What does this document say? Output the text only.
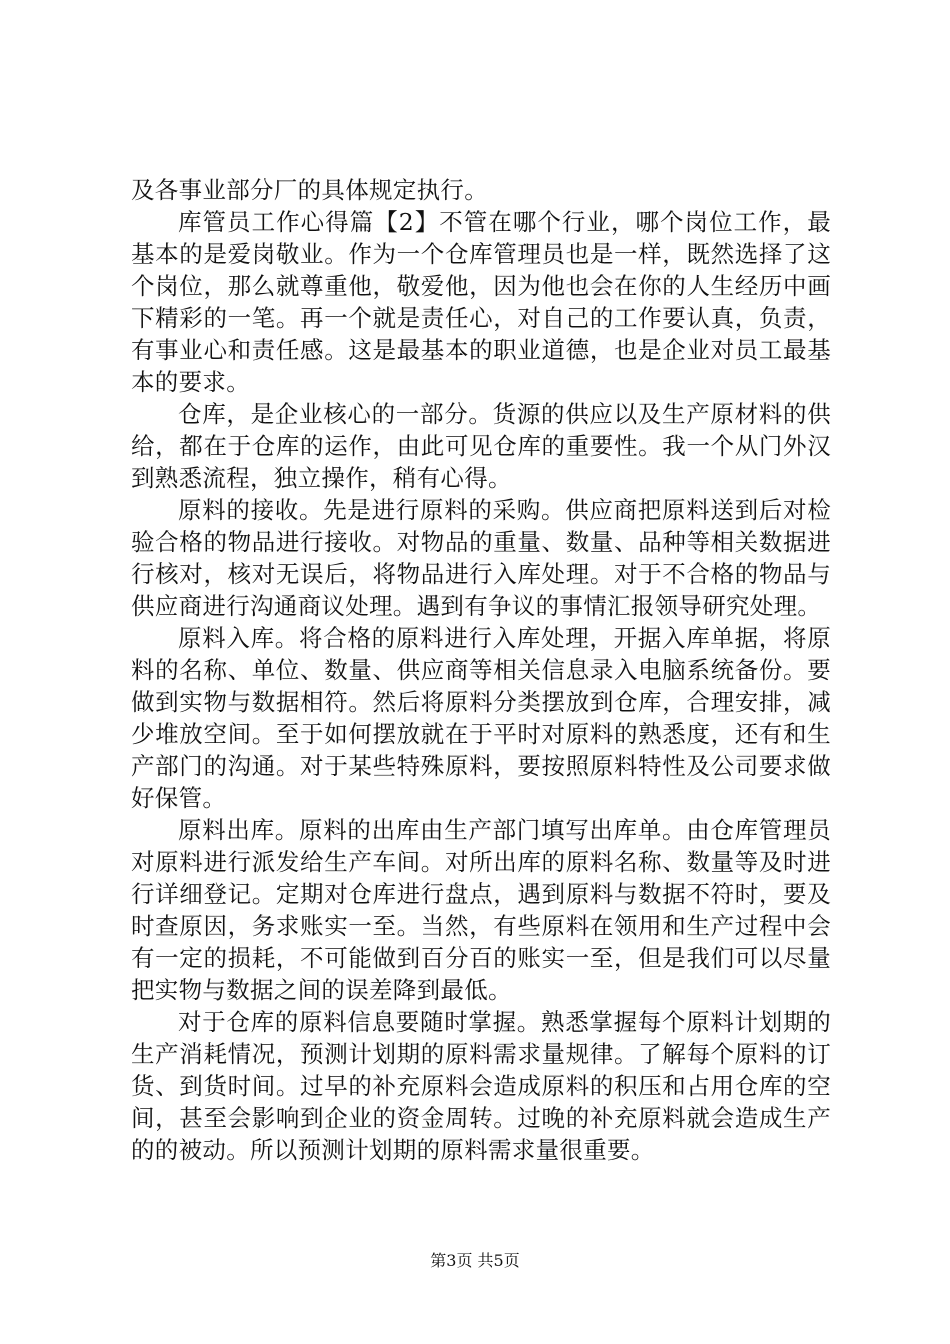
及各事业部分厂的具体规定执行。

库管员工作心得篇【2】不管在哪个行业，哪个岗位工作，最基本的是爱岗敬业。作为一个仓库管理员也是一样，既然选择了这个岗位，那么就尊重他，敬爱他，因为他也会在你的人生经历中画下精彩的一笔。再一个就是责任心，对自己的工作要认真，负责，有事业心和责任感。这是最基本的职业道德，也是企业对员工最基本的要求。

仓库，是企业核心的一部分。货源的供应以及生产原材料的供给，都在于仓库的运作，由此可见仓库的重要性。我一个从门外汉到熟悉流程，独立操作，稍有心得。

原料的接收。先是进行原料的采购。供应商把原料送到后对检验合格的物品进行接收。对物品的重量、数量、品种等相关数据进行核对，核对无误后，将物品进行入库处理。对于不合格的物品与供应商进行沟通商议处理。遇到有争议的事情汇报领导研究处理。

原料入库。将合格的原料进行入库处理，开据入库单据，将原料的名称、单位、数量、供应商等相关信息录入电脑系统备份。要做到实物与数据相符。然后将原料分类摆放到仓库，合理安排，减少堆放空间。至于如何摆放就在于平时对原料的熟悉度，还有和生产部门的沟通。对于某些特殊原料，要按照原料特性及公司要求做好保管。

原料出库。原料的出库由生产部门填写出库单。由仓库管理员对原料进行派发给生产车间。对所出库的原料名称、数量等及时进行详细登记。定期对仓库进行盘点，遇到原料与数据不符时，要及时查原因，务求账实一至。当然，有些原料在领用和生产过程中会有一定的损耗，不可能做到百分百的账实一至，但是我们可以尽量把实物与数据之间的误差降到最低。

对于仓库的原料信息要随时掌握。熟悉掌握每个原料计划期的生产消耗情况，预测计划期的原料需求量规律。了解每个原料的订货、到货时间。过早的补充原料会造成原料的积压和占用仓库的空间，甚至会影响到企业的资金周转。过晚的补充原料就会造成生产的的被动。所以预测计划期的原料需求量很重要。

第3页 共5页
